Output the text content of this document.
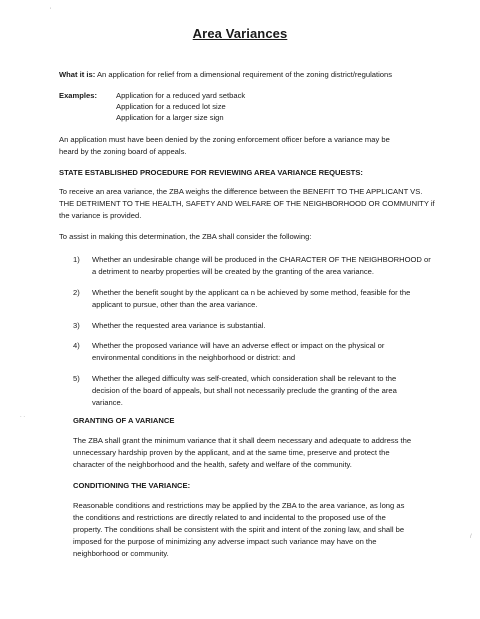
'
Area Variances
What it is: An application for relief from a dimensional requirement of the zoning district/regulations
Examples:	Application for a reduced yard setback
Application for a reduced lot size
Application for a larger size sign
An application must have been denied by the zoning enforcement officer before a variance may be
heard by the zoning board of appeals.
STATE ESTABLISHED PROCEDURE FOR REVIEWING AREA VARIANCE REQUESTS:
To receive an area variance, the ZBA weighs the difference between the BENEFIT TO THE APPLICANT VS.
THE DETRIMENT TO THE HEALTH, SAFETY AND WELFARE OF THE NEIGHBORHOOD OR COMMUNITY if
the variance is provided.
To assist in making this determination, the ZBA shall consider the following:
1) Whether an undesirable change will be produced in the CHARACTER OF THE NEIGHBORHOOD or
a detriment to nearby properties will be created by the granting of the area variance.
2) Whether the benefit sought by the applicant ca n be achieved by some method, feasible for the
applicant to pursue, other than the area variance.
3) Whether the requested area variance is substantial.
4) Whether the proposed variance will have an adverse effect or impact on the physical or
environmental conditions in the neighborhood or district: and
5) Whether the alleged difficulty was self-created, which consideration shall be relevant to the
decision of the board of appeals, but shall not necessarily preclude the granting of the area
variance.
. .	GRANTING OF A VARIANCE
The ZBA shall grant the minimum variance that it shall deem necessary and adequate to address the
unnecessary hardship proven by the applicant, and at the same time, preserve and protect the
character of the neighborhood and the health, safety and welfare of the community.
CONDITIONING THE VARIANCE:
Reasonable conditions and restrictions may be applied by the ZBA to the area variance, as long as
the conditions and restrictions are directly related to and incidental to the proposed use of the
property. The conditions shall be consistent with the spirit and intent of the zoning law, and shall be
imposed for the purpose of minimizing any adverse impact such variance may have on the
neighborhood or community.
/
